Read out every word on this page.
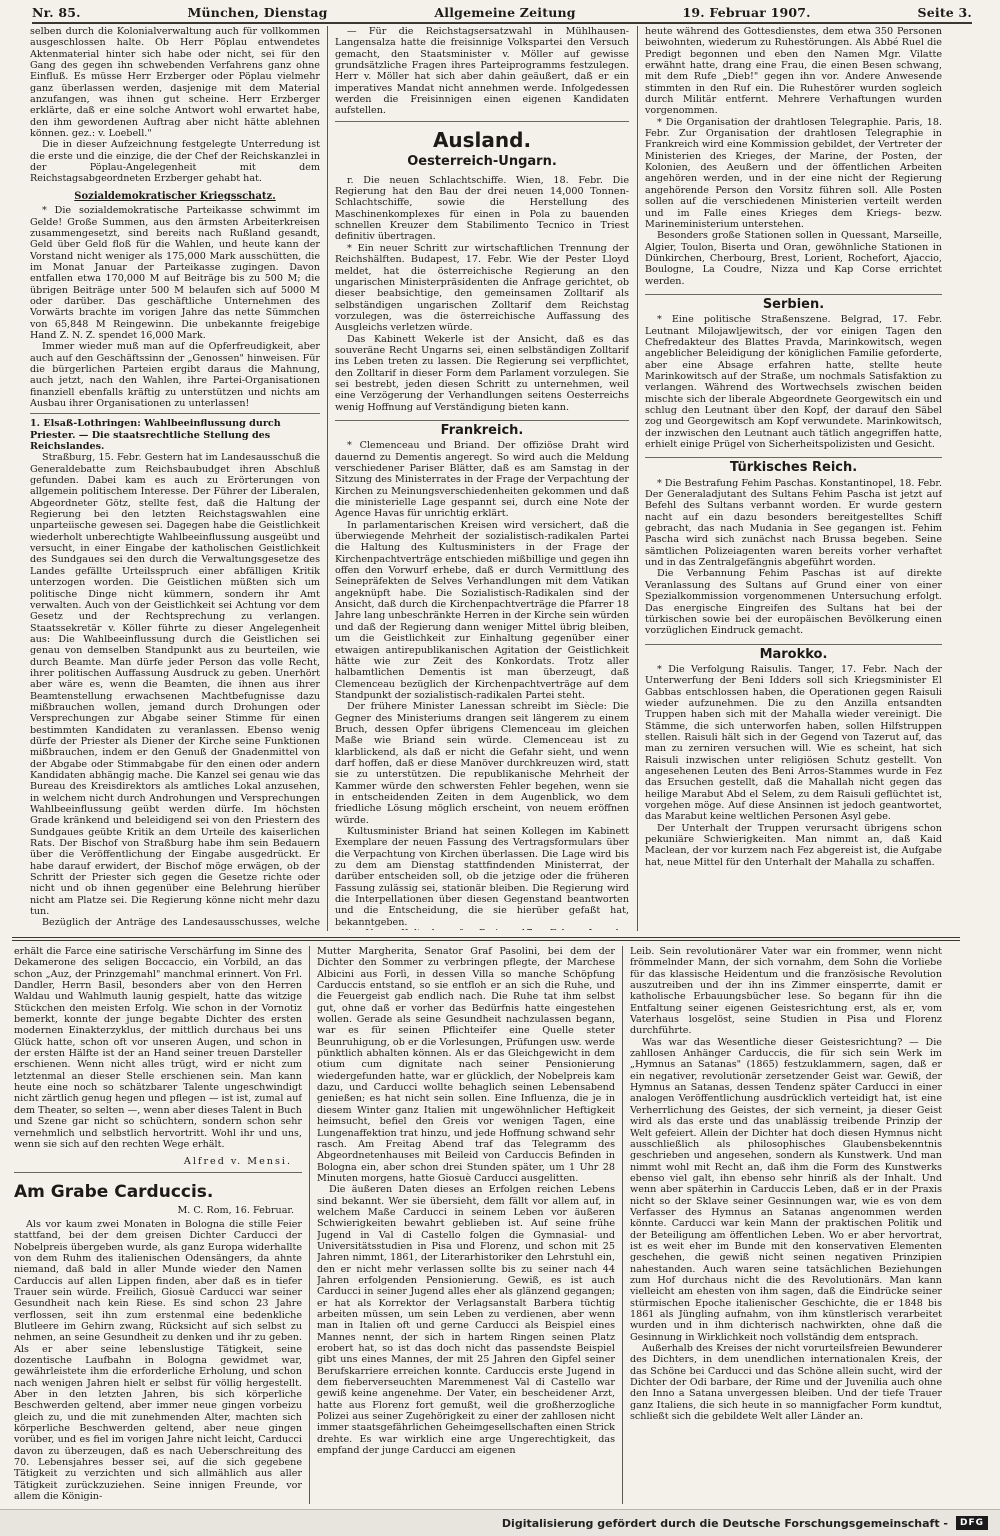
Nr. 85.	München, Dienstag	Allgemeine Zeitung	19. Februar 1907.	Seite 3.

selben durch die Kolonialverwaltung auch für vollkommen ausgeschlossen halte. Ob Herr Pöplau entwendetes Aktenmaterial hinter sich habe oder nicht, sei für den Gang des gegen ihn schwebenden Verfahrens ganz ohne Einfluß. Es müsse Herr Erzberger oder Pöplau vielmehr ganz überlassen werden, dasjenige mit dem Material anzufangen, was ihnen gut scheine. Herr Erzberger erklärte, daß er eine solche Antwort wohl erwartet habe, den ihm gewordenen Auftrag aber nicht hätte ablehnen können. gez.: v. Loebell."

Die in dieser Aufzeichnung festgelegte Unterredung ist die erste und die einzige, die der Chef der Reichskanzlei in der Pöplau-Angelegenheit mit dem Reichstagsabgeordneten Erzberger gehabt hat.

Sozialdemokratischer Kriegsschatz.

* Die sozialdemokratische Parteikasse schwimmt im Gelde! Große Summen, aus den ärmsten Arbeiterkreisen zusammengesetzt, sind bereits nach Rußland gesandt, Geld über Geld floß für die Wahlen, und heute kann der Vorstand nicht weniger als 175,000 Mark ausschütten, die im Monat Januar der Parteikasse zugingen. Davon entfallen etwa 170,000 M auf Beiträge bis zu 500 M; die übrigen Beiträge unter 500 M belaufen sich auf 5000 M oder darüber. Das geschäftliche Unternehmen des Vorwärts brachte im vorigen Jahre das nette Sümmchen von 65,848 M Reingewinn. Die unbekannte freigebige Hand Z. N. Z. spendet 16,000 Mark.

Immer wieder muß man auf die Opferfreudigkeit, aber auch auf den Geschäftssinn der „Genossen" hinweisen. Für die bürgerlichen Parteien ergibt daraus die Mahnung, auch jetzt, nach den Wahlen, ihre Partei-Organisationen finanziell ebenfalls kräftig zu unterstützen und nichts am Ausbau ihrer Organisationen zu unterlassen!

1. Elsaß-Lothringen: Wahlbeeinflussung durch Priester. — Die staatsrechtliche Stellung des Reichslandes.

Straßburg, 15. Febr. Gestern hat im Landesausschuß die Generaldebatte zum Reichsbaubudget ihren Abschluß gefunden. Dabei kam es auch zu Erörterungen von allgemein politischem Interesse. Der Führer der Liberalen, Abgeordneter Götz, stellte fest, daß die Haltung der Regierung bei den letzten Reichstagswahlen eine unparteiische gewesen sei. Dagegen habe die Geistlichkeit wiederholt unberechtigte Wahlbeeinflussung ausgeübt und versucht, in einer Eingabe der katholischen Geistlichkeit des Sundgaues sei den durch die Verwaltungsgesetze des Landes gefällte Urteilsspruch einer abfälligen Kritik unterzogen worden. Die Geistlichen müßten sich um politische Dinge nicht kümmern, sondern ihr Amt verwalten. Auch von der Geistlichkeit sei Achtung vor dem Gesetz und der Rechtsprechung zu verlangen. Staatssekretär v. Köller führte zu dieser Angelegenheit aus: Die Wahlbeeinflussung durch die Geistlichen sei genau von demselben Standpunkt aus zu beurteilen, wie durch Beamte. Man dürfe jeder Person das volle Recht, ihrer politischen Auffassung Ausdruck zu geben. Unerhört aber wäre es, wenn die Beamten, die ihnen aus ihrer Beamtenstellung erwachsenen Machtbefugnisse dazu mißbrauchen wollen, jemand durch Drohungen oder Versprechungen zur Abgabe seiner Stimme für einen bestimmten Kandidaten zu veranlassen. Ebenso wenig dürfe der Priester als Diener der Kirche seine Funktionen mißbrauchen, indem er den Genuß der Gnadenmittel von der Abgabe oder Stimmabgabe für den einen oder andern Kandidaten abhängig mache. Die Kanzel sei genau wie das Bureau des Kreisdirektors als amtliches Lokal anzusehen, in welchem nicht durch Androhungen und Versprechungen Wahlbeeinflussung geübt werden dürfe. Im höchsten Grade kränkend und beleidigend sei von den Priestern des Sundgaues geübte Kritik an dem Urteile des kaiserlichen Rats. Der Bischof von Straßburg habe ihm sein Bedauern über die Veröffentlichung der Eingabe ausgedrückt. Er habe darauf erwidert, der Bischof möge erwägen, ob der Schritt der Priester sich gegen die Gesetze richte oder nicht und ob ihnen gegenüber eine Belehrung hierüber nicht am Platze sei. Die Regierung könne nicht mehr dazu tun.

Bezüglich der Anträge des Landesausschusses, welche

— Für die Reichstagsersatzwahl in Mühlhausen-Langensalza hatte die freisinnige Volkspartei den Versuch gemacht, den Staatsminister v. Möller auf gewisse grundsätzliche Fragen ihres Parteiprogramms festzulegen. Herr v. Möller hat sich aber dahin geäußert, daß er ein imperatives Mandat nicht annehmen werde. Infolgedessen werden die Freisinnigen einen eigenen Kandidaten aufstellen.

Ausland.
Oesterreich-Ungarn.

r. Die neuen Schlachtschiffe. Wien, 18. Febr. Die Regierung hat den Bau der drei neuen 14,000 Tonnen-Schlachtschiffe, sowie die Herstellung des Maschinenkomplexes für einen in Pola zu bauenden schnellen Kreuzer dem Stabilimento Tecnico in Triest definitiv übertragen.

* Ein neuer Schritt zur wirtschaftlichen Trennung der Reichshälften. Budapest, 17. Febr. Wie der Pester Lloyd meldet, hat die österreichische Regierung an den ungarischen Ministerpräsidenten die Anfrage gerichtet, ob dieser beabsichtige, den gemeinsamen Zolltarif als selbständigen ungarischen Zolltarif dem Reichstag vorzulegen, was die österreichische Auffassung des Ausgleichs verletzen würde.

Das Kabinett Wekerle ist der Ansicht, daß es das souveräne Recht Ungarns sei, einen selbständigen Zolltarif ins Leben treten zu lassen. Die Regierung sei verpflichtet, den Zolltarif in dieser Form dem Parlament vorzulegen. Sie sei bestrebt, jeden diesen Schritt zu unternehmen, weil eine Verzögerung der Verhandlungen seitens Oesterreichs wenig Hoffnung auf Verständigung bieten kann.

Frankreich.

* Clemenceau und Briand. Der offiziöse Draht wird dauernd zu Dementis angeregt. So wird auch die Meldung verschiedener Pariser Blätter, daß es am Samstag in der Sitzung des Ministerrates in der Frage der Verpachtung der Kirchen zu Meinungsverschiedenheiten gekommen und daß die ministerielle Lage gespannt sei, durch eine Note der Agence Havas für unrichtig erklärt.

In parlamentarischen Kreisen wird versichert, daß die überwiegende Mehrheit der sozialistisch-radikalen Partei die Haltung des Kultusministers in der Frage der Kirchenpachtverträge entschieden mißbillige und gegen ihn offen den Vorwurf erhebe, daß er durch Vermittlung des Seinepräfekten de Selves Verhandlungen mit dem Vatikan angeknüpft habe. Die Sozialistisch-Radikalen sind der Ansicht, daß durch die Kirchenpachtverträge die Pfarrer 18 Jahre lang unbeschränkte Herren in der Kirche sein würden und daß der Regierung dann weniger Mittel übrig bleiben, um die Geistlichkeit zur Einhaltung gegenüber einer etwaigen antirepublikanischen Agitation der Geistlichkeit hätte wie zur Zeit des Konkordats. Trotz aller halbamtlichen Dementis ist man überzeugt, daß Clemenceau bezüglich der Kirchenpachtverträge auf dem Standpunkt der sozialistisch-radikalen Partei steht.

Der frühere Minister Lanessan schreibt im Siècle: Die Gegner des Ministeriums drangen seit längerem zu einem Bruch, dessen Opfer übrigens Clemenceau im gleichen Maße wie Briand sein würde. Clemenceau ist zu klarblickend, als daß er nicht die Gefahr sieht, und wenn darf hoffen, daß er diese Manöver durchkreuzen wird, statt sie zu unterstützen. Die republikanische Mehrheit der Kammer würde den schwersten Fehler begehen, wenn sie in entscheidenden Zeiten in dem Augenblick, wo dem friedliche Lösung möglich erscheint, von neuem eröffnen würde.

Kultusminister Briand hat seinen Kollegen im Kabinett Exemplare der neuen Fassung des Vertragsformulars über die Verpachtung von Kirchen überlassen. Die Lage wird bis zu dem am Dienstag stattfindenden Ministerrat, der darüber entscheiden soll, ob die jetzige oder die früheren Fassung zulässig sei, stationär bleiben. Die Regierung wird die Interpellationen über diesen Gegenstand beantworten und die Entscheidung, die sie hierüber gefaßt hat, bekanntgeben.

heute während des Gottesdienstes, dem etwa 350 Personen beiwohnten, wiederum zu Ruhestörungen. Als Abbé Ruel die Predigt begonnen und eben den Namen Mgr. Vilatte erwähnt hatte, drang eine Frau, die einen Besen schwang, mit dem Rufe „Dieb!" gegen ihn vor. Andere Anwesende stimmten in den Ruf ein. Die Ruhestörer wurden sogleich durch Militär entfernt. Mehrere Verhaftungen wurden vorgenommen.

* Die Organisation der drahtlosen Telegraphie. Paris, 18. Febr. Zur Organisation der drahtlosen Telegraphie in Frankreich wird eine Kommission gebildet, der Vertreter der Ministerien des Krieges, der Marine, der Posten, der Kolonien, des Aeußern und der öffentlichen Arbeiten angehören werden, und in der eine nicht der Regierung angehörende Person den Vorsitz führen soll. Alle Posten sollen auf die verschiedenen Ministerien verteilt werden und im Falle eines Krieges dem Kriegs- bezw. Marineministerium unterstehen.

Besonders große Stationen sollen in Quessant, Marseille, Algier, Toulon, Biserta und Oran, gewöhnliche Stationen in Dünkirchen, Cherbourg, Brest, Lorient, Rochefort, Ajaccio, Boulogne, La Coudre, Nizza und Kap Corse errichtet werden.

Serbien.

* Eine politische Straßenszene. Belgrad, 17. Febr. Leutnant Milojawljewitsch, der vor einigen Tagen den Chefredakteur des Blattes Pravda, Marinkowitsch, wegen angeblicher Beleidigung der königlichen Familie geforderte, aber eine Absage erfahren hatte, stellte heute Marinkowitsch auf der Straße, um nochmals Satisfaktion zu verlangen. Während des Wortwechsels zwischen beiden mischte sich der liberale Abgeordnete Georgewitsch ein und schlug den Leutnant über den Kopf, der darauf den Säbel zog und Georgewitsch am Kopf verwundete. Marinkowitsch, der inzwischen den Leutnant auch tätlich angegriffen hatte, erhielt einige Prügel von Sicherheitspolizisten und Gesicht.

Türkisches Reich.

* Die Bestrafung Fehim Paschas. Konstantinopel, 18. Febr. Der Generaladjutant des Sultans Fehim Pascha ist jetzt auf Befehl des Sultans verbannt worden. Er wurde gestern nacht auf ein dazu besonders bereitgestelltes Schiff gebracht, das nach Mudania in See gegangen ist. Fehim Pascha wird sich zunächst nach Brussa begeben. Seine sämtlichen Polizeiagenten waren bereits vorher verhaftet und in das Zentralgefängnis abgeführt worden.

Die Verbannung Fehim Paschas ist auf direkte Veranlassung des Sultans auf Grund einer von einer Spezialkommission vorgenommenen Untersuchung erfolgt. Das energische Eingreifen des Sultans hat bei der türkischen sowie bei der europäischen Bevölkerung einen vorzüglichen Eindruck gemacht.

Marokko.

* Die Verfolgung Raisulis. Tanger, 17. Febr. Nach der Unterwerfung der Beni Idders soll sich Kriegsminister El Gabbas entschlossen haben, die Operationen gegen Raisuli wieder aufzunehmen. Die zu den Anzilla entsandten Truppen haben sich mit der Mahalla wieder vereinigt. Die Stämme, die sich unterworfen haben, sollen Hilfstruppen stellen. Raisuli hält sich in der Gegend von Tazerut auf, das man zu zerniren versuchen will. Wie es scheint, hat sich Raisuli inzwischen unter religiösen Schutz gestellt. Von angesehenen Leuten des Beni Arros-Stammes wurde in Fez das Ersuchen gestellt, daß die Mahallah nicht gegen das heilige Marabut Abd el Selem, zu dem Raisuli geflüchtet ist, vorgehen möge. Auf diese Ansinnen ist jedoch geantwortet, das Marabut keine weltlichen Personen Asyl gebe.

Der Unterhalt der Truppen verursacht übrigens schon pekuniäre Schwierigkeiten. Man nimmt an, daß Kaid Maclean, der vor kurzem nach Fez abgereist ist, die Aufgabe hat, neue Mittel für den Unterhalt der Mahalla zu schaffen.

erhält die Farce eine satirische Verschärfung im Sinne des Dekamerone des seligen Boccaccio, ein Vorbild, an das schon „Auz, der Prinzgemahl" manchmal erinnert. Von Frl. Dandler, Herrn Basil, besonders aber von den Herren Waldau und Wahlmuth launig gespielt, hatte das witzige Stückchen den meisten Erfolg. Wie schon in der Vornotiz bemerkt, konnte der junge begabte Dichter des ersten modernen Einakterzyklus, der mittlich durchaus bei uns Glück hatte, schon oft vor unseren Augen, und schon in der ersten Hälfte ist der an Hand seiner treuen Darsteller erschienen. Wenn nicht alles trügt, wird er nicht zum letztenmal an dieser Stelle erschienen sein. Man kann heute eine noch so schätzbarer Talente ungeschwindigt nicht zärtlich genug hegen und pflegen — ist ist, zumal auf dem Theater, so selten —, wenn aber dieses Talent in Buch und Szene gar nicht so schüchtern, sondern schon sehr vernehmlich und selbstlich hervortritt. Wohl ihr und uns, wenn sie sich auf den rechten Wege erhält.

Alfred v. Mensi.
Am Grabe Carduccis.
M. C. Rom, 16. Februar.

Als vor kaum zwei Monaten in Bologna die stille Feier stattfand, bei der dem greisen Dichter Carducci der Nobelpreis übergeben wurde, als ganz Europa widerhallte von dem Ruhm des italienischen Odensängers, da ahnte niemand, daß bald in aller Munde wieder den Namen Carduccis auf allen Lippen finden, aber daß es in tiefer Trauer sein würde. Freilich, Giosuè Carducci war seiner Gesundheit nach kein Riese. Es sind schon 23 Jahre verflossen, seit ihn zum erstenmal eine bedenkliche Blutleere im Gehirn zwang, Rücksicht auf sich selbst zu nehmen, an seine Gesundheit zu denken und ihr zu geben. Als er aber seine lebenslustige Tätigkeit, seine dozentische Laufbahn in Bologna gewidmet war, gewährleistete ihm die erforderliche Erholung, und schon nach wenigen Jahren hielt er selbst für völlig hergestellt. Aber in den letzten Jahren, bis sich körperliche Beschwerden geltend, aber immer neue gingen vorbeizu gleich zu, und die mit zunehmenden Alter, machten sich körperliche Beschwerden geltend, aber neue gingen vorüber, und es fiel im vorigen Jahre nicht leicht, Carducci davon zu überzeugen, daß es nach Ueberschreitung des 70. Lebensjahres besser sei, auf die sich gegebene Tätigkeit zu verzichten und sich allmählich aus aller Tätigkeit zurückzuziehen. Seine innigen Freunde, vor allem die Königin-

Mutter Margherita, Senator Graf Pasolini, bei dem der Dichter den Sommer zu verbringen pflegte, der Marchese Albicini aus Forlì, in dessen Villa so manche Schöpfung Carduccis entstand, so sie entfloh er an sich die Ruhe, und die Feuergeist gab endlich nach. Die Ruhe tat ihm selbst gut, ohne daß er vorher das Bedürfnis hatte eingestehen wollen. Gerade als seine Gesundheit nachzulassen begann, war es für seinen Pflichteifer eine Quelle steter Beunruhigung, ob er die Vorlesungen, Prüfungen usw. werde pünktlich abhalten können. Als er das Gleichgewicht in dem otium cum dignitate nach seiner Pensionierung wiedergefunden hatte, war er glücklich, der Nobelpreis kam dazu, und Carducci wollte behaglich seinen Lebensabend genießen; es hat nicht sein sollen. Eine Influenza, die je in diesem Winter ganz Italien mit ungewöhnlicher Heftigkeit heimsucht, befiel den Greis vor wenigen Tagen, eine Lungenaffektion trat hinzu, und jede Hoffnung schwand sehr rasch. Am Freitag Abend traf das Telegramm des Abgeordnetenhauses mit Beileid von Carduccis Befinden in Bologna ein, aber schon drei Stunden später, um 1 Uhr 28 Minuten morgens, hatte Giosuè Carducci ausgelitten.

Die äußeren Daten dieses an Erfolgen reichen Lebens sind bekannt. Wer sie übersieht, dem fällt vor allem auf, in welchem Maße Carducci in seinem Leben vor äußeren Schwierigkeiten bewahrt geblieben ist. Auf seine frühe Jugend in Val di Castello folgen die Gymnasial- und Universitätsstudien in Pisa und Florenz, und schon mit 25 Jahren nimmt, 1861, der Literarhistoriker den Lehrstuhl ein, den er nicht mehr verlassen sollte bis zu seiner nach 44 Jahren erfolgenden Pensionierung. Gewiß, es ist auch Carducci in seiner Jugend alles eher als glänzend gegangen; er hat als Korrektor der Verlagsanstalt Barbera tüchtig arbeiten müssen, um sein Leben zu verdienen, aber wenn man in Italien oft und gerne Carducci als Beispiel eines Mannes nennt, der sich in hartem Ringen seinen Platz erobert hat, so ist das doch nicht das passendste Beispiel gibt uns eines Mannes, der mit 25 Jahren den Gipfel seiner Berufskarriere erreichen konnte. Carduccis erste Jugend in dem fieberverseuchten Maremmenest Val di Castello war gewiß keine angenehme. Der Vater, ein bescheidener Arzt, hatte aus Florenz fort gemußt, weil die großherzogliche Polizei aus seiner Zugehörigkeit zu einer der zahllosen nicht immer staatsgefährlichen Geheimgesellschaften einen Strick drehte. Es war wirklich eine arge Ungerechtigkeit, das empfand der junge Carducci am eigenen

Leib. Sein revolutionärer Vater war ein frommer, wenn nicht frömmelnder Mann, der sich vornahm, dem Sohn die Vorliebe für das klassische Heidentum und die französische Revolution auszutreiben und der ihn ins Zimmer einsperrte, damit er katholische Erbauungsbücher lese. So begann für ihn die Entfaltung seiner eigenen Geistesrichtung erst, als er, vom Vaterhaus losgelöst, seine Studien in Pisa und Florenz durchführte.

Was war das Wesentliche dieser Geistesrichtung? — Die zahllosen Anhänger Carduccis, die für sich sein Werk im „Hymnus an Satanas" (1865) festzuklammern, sagen, daß er ein negativer, revolutionär zersetzender Geist war. Gewiß, der Hymnus an Satanas, dessen Tendenz später Carducci in einer analogen Veröffentlichung ausdrücklich verteidigt hat, ist eine Verherrlichung des Geistes, der sich verneint, ja dieser Geist wird als das erste und das unablässig treibende Prinzip der Welt gefeiert. Allein der Dichter hat doch diesen Hymnus nicht ausschließlich als philosophisches Glaubensbekenntnis geschrieben und angesehen, sondern als Kunstwerk. Und man nimmt wohl mit Recht an, daß ihm die Form des Kunstwerks ebenso viel galt, ihn ebenso sehr hinriß als der Inhalt. Und wenn aber späterhin in Carduccis Leben, daß er in der Praxis nicht so der Sklave seiner Gesinnungen war, wie es von dem Verfasser des Hymnus an Satanas angenommen werden könnte. Carducci war kein Mann der praktischen Politik und der Beteiligung am öffentlichen Leben. Wo er aber hervortrat, ist es weit eher im Bunde mit den konservativen Elementen geschehen, die gewiß nicht seinen negativen Prinzipien nahestanden. Auch waren seine tatsächlichen Beziehungen zum Hof durchaus nicht die des Revolutionärs. Man kann vielleicht am ehesten von ihm sagen, daß die Eindrücke seiner stürmischen Epoche italienischer Geschichte, die er 1848 bis 1861 als Jüngling aufnahm, von ihm künstlerisch verarbeitet wurden und in ihm dichterisch nachwirkten, ohne daß die Gesinnung in Wirklichkeit noch vollständig dem entsprach.

Außerhalb des Kreises der nicht vorurteilsfreien Bewunderer des Dichters, in dem unendlichen internationalen Kreis, der das Schöne bei Carducci und das Schöne allein sucht, wird der Dichter der Odi barbare, der Rime und der Juvenilia auch ohne den Inno a Satana unvergessen bleiben. Und der tiefe Trauer ganz Italiens, die sich heute in so mannigfacher Form kundtut, schließt sich die gebildete Welt aller Länder an.

Digitalisierung gefördert durch die Deutsche Forschungsgemeinschaft -	DFG
